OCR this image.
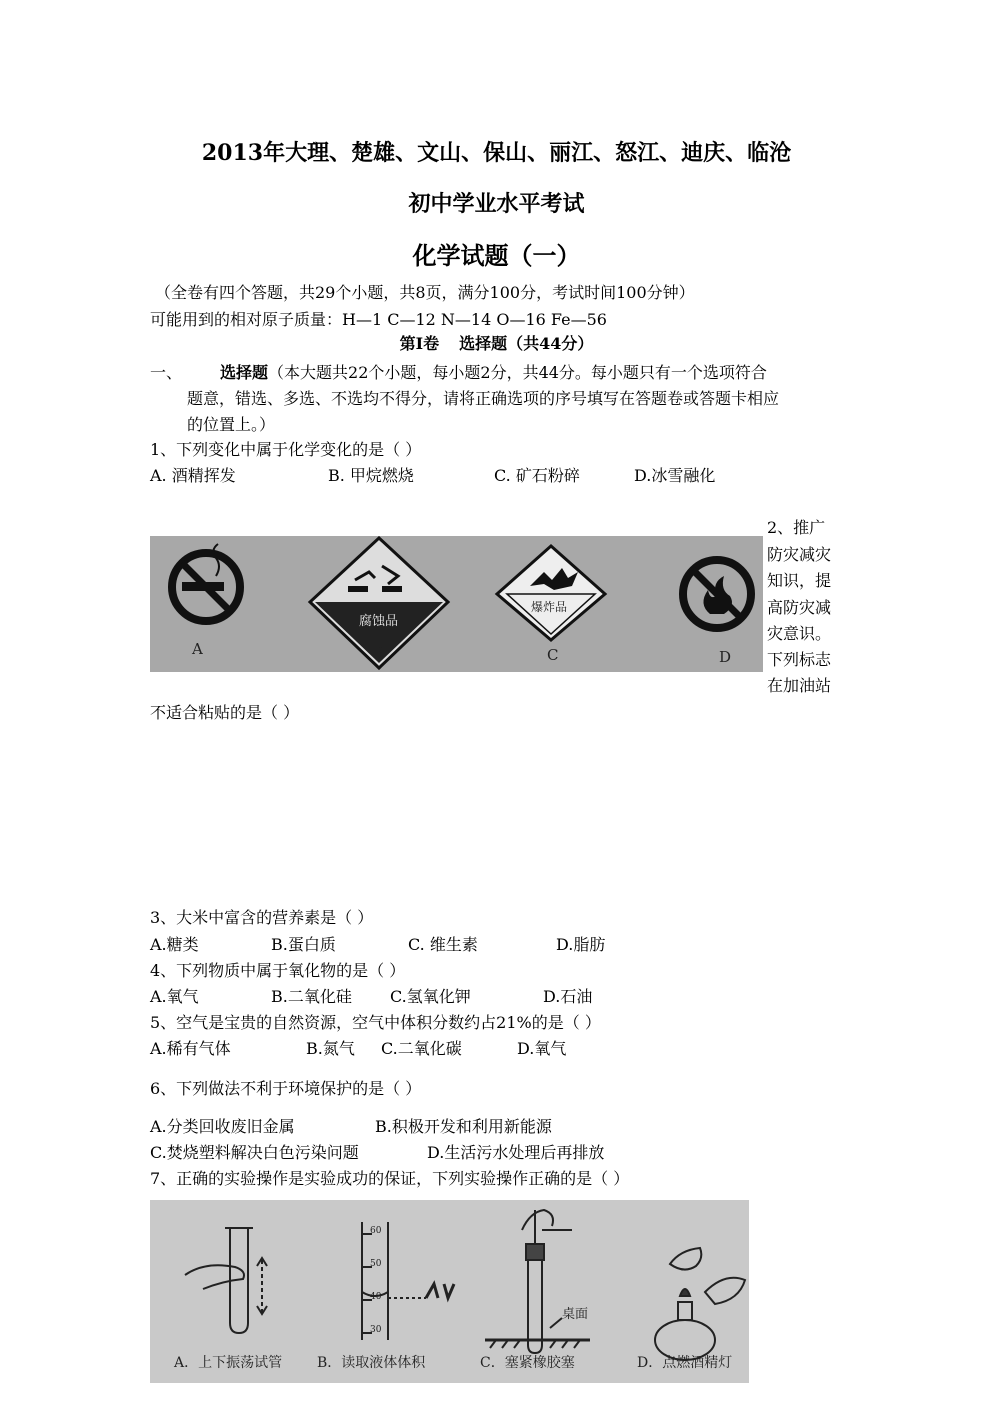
2013年大理、楚雄、文山、保山、丽江、怒江、迪庆、临沧
初中学业水平考试
化学试题（一）
（全卷有四个答题，共29个小题，共8页，满分100分，考试时间100分钟）
可能用到的相对原子质量：H—1 C—12 N—14 O—16 Fe—56
第Ⅰ卷 选择题（共44分）
一、 选择题（本大题共22个小题，每小题2分，共44分。每小题只有一个选项符合
题意，错选、多选、不选均不得分，请将正确选项的序号填写在答题卷或答题卡相应
的位置上。）
1、下列变化中属于化学变化的是（ ）
A. 酒精挥发	B. 甲烷燃烧	C. 矿石粉碎	D.冰雪融化
A	B	C	D
腐蚀品
爆炸品
2、推广
防灾减灾
知识，提
高防灾减
灾意识。
下列标志
在加油站
不适合粘贴的是（ ）
3、大米中富含的营养素是（ ）
A.糖类	B.蛋白质	C. 维生素	D.脂肪
4、下列物质中属于氧化物的是（ ）
A.氧气	B.二氧化硅 C.氢氧化钾	D.石油
5、空气是宝贵的自然资源，空气中体积分数约占21%的是（ ）
A.稀有气体	B.氮气 C.二氧化碳	D.氧气
6、下列做法不利于环境保护的是（ ）
A.分类回收废旧金属	B.积极开发和利用新能源
C.焚烧塑料解决白色污染问题	D.生活污水处理后再排放
7、正确的实验操作是实验成功的保证，下列实验操作正确的是（ ）
60
50
40
30
桌面
A．上下振荡试管 B．读取液体体积	C．塞紧橡胶塞	D．点燃酒精灯
